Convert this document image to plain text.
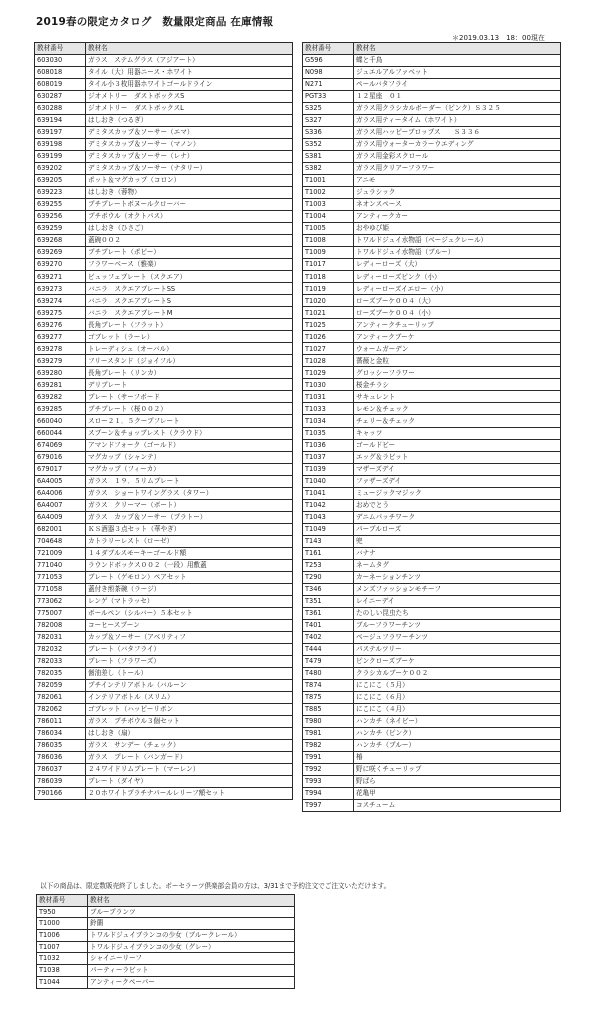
2019春の限定カタログ　数量限定商品 在庫情報
＊2019.03.13　18：00現在
教材番号	教材名
603030	ガラス　ステムグラス（アジアート）
608018	タイル（大）用器ニース・ホワイト
608019	タイル小３枚用器ホワイトゴールドライン
630287	ジオメトリー　ダストボックスS
630288	ジオメトリー　ダストボックスL
639194	はしおき（つるぎ）
639197	デミタスカップ＆ソーサー（エマ）
639198	デミタスカップ＆ソーサー（マノン）
639199	デミタスカップ＆ソーサー（レナ）
639202	デミタスカップ＆ソーサー（ナタリー）
639205	ポット＆マグカップ（コロン）
639223	はしおき（蓉物）
639255	プチプレートボヌールクローバー
639256	プチボウル（オクトパス）
639259	はしおき（ひさご）
639268	蓋碗００２
639269	プチプレート（ポピー）
639270	フラワーベース（雅楽）
639271	ビュッフェプレート（スクエア）
639273	バニラ　スクエアプレートSS
639274	バニラ　スクエアプレートS
639275	バニラ　スクエアプレートM
639276	長角プレート（フラット）
639277	ゴブレット（ラーレ）
639278	トレーディシュ（オーバル）
639279	フリースタンド（ジョイフル）
639280	長角プレート（リンカ）
639281	デリプレート
639282	プレート（サーフボード
639285	プチプレート（桜００２）
660040	スロー２１．５クープフレート
660044	スプーン＆チョップレスト（クラウド）
674069	アマンドフォーク（ゴールド）
679016	マグカップ（シャンテ）
679017	マグカップ（フィーカ）
6A4005	ガラス　１９．５リムプレート
6A4006	ガラス　ショートワイングラス（タワー）
6A4007	ガラス　クリーマー（ボート）
6A4009	ガラス　カップ＆ソーサー（プラトー）
682001	ＫＳ酒器３点セット（華やぎ）
704648	カトラリーレスト（ローゼ）
721009	１４ダブルスモーキーゴールド額
771040	ラウンドボックス００２（一段）用敷蓋
771053	プレート（ゲモロン）ペアセット
771058	蓋付き煎茶碗（ラージ）
773062	レンゲ（マトラッセ）
775007	ボールペン（シルバー）５本セット
782008	コーヒースプーン
782031	カップ＆ソーサー（アベリティフ
782032	プレート（バタフライ）
782033	プレート（フラワーズ）
782035	醤油差し（トール）
782059	プチインテリアボトル（バルーン
782061	インテリアボトル（スリム）
782062	ゴブレット（ハッピーリボン
786011	ガラス　プチボウル３個セット
786034	はしおき（扇）
786035	ガラス　サンデー（チェック）
786036	ガラス　プレート（バンガード）
786037	２４ワイドリムプレート（マーレン）
786039	プレート（ダイヤ）
790166	２０ホワイトプラチナパールレリーフ額セット
教材番号	教材名
G596	蝶と千鳥
N098	ジュエルアルファベット
N271	ペールバタフライ
PGT33	１２星座　０１
S325	ガラス用クラシカルボーダー（ピンク）Ｓ３２５
S327	ガラス用ティータイム（ホワイト）
S336	ガラス用ハッピーブロップス　　Ｓ３３６
S352	ガラス用ウォーターカラーウエディング
S381	ガラス用金彩スクロール
S382	ガラス用クリアーフラワー
T1001	アニモ
T1002	ジュラシック
T1003	ネオンスペース
T1004	アンティークカー
T1005	おやゆび姫
T1008	トワルドジュイ水物語（ベージュクレール）
T1009	トワルドジュイ水物語（ブルー）
T1017	レディーローズ（大）
T1018	レディーローズピンク（小）
T1019	レディーローズイエロー（小）
T1020	ローズブーケ００４（大）
T1021	ローズブーケ００４（小）
T1025	アンティークチューリップ
T1026	アンティークブーケ
T1027	ウォームガーデン
T1028	薔薇と金粒
T1029	グロッシーフラワー
T1030	桜金チラシ
T1031	サキュレント
T1033	レモン＆チェック
T1034	チェリー＆チェック
T1035	キャッツ
T1036	ゴールドビー
T1037	エッグ＆ラビット
T1039	マザーズデイ
T1040	ファザーズデイ
T1041	ミュージックマジック
T1042	おめでとう
T1043	デニムパッチワーク
T1049	パープルローズ
T143	兜
T161	バナナ
T253	ネームタグ
T290	カーネーションチンツ
T346	メンズファッションモチーフ
T351	レイニーデイ
T361	たのしい昆虫たち
T401	ブルーフラワーチンツ
T402	ベージュフラワーチンツ
T444	パステルツリー
T479	ピンクローズブーケ
T480	クラシカルブーケ００２
T874	にこにこ（５月）
T875	にこにこ（６月）
T885	にこにこ（４月）
T980	ハンカチ（ネイビー）
T981	ハンカチ（ピンク）
T982	ハンカチ（ブルー）
T991	椿
T992	野に咲くチューリップ
T993	野ばら
T994	花亀甲
T997	コスチューム
以下の商品は、限定数販売終了しました。ポーセラーツ倶楽部会員の方は、3/31まで予約注文でご注文いただけます。
教材番号	教材名
T950	ブループランツ
T1000	鈴蘭
T1006	トワルドジュイブランコの少女（ブルークレール）
T1007	トワルドジュイブランコの少女（グレー）
T1032	シャイニーリーフ
T1038	パーティーラビット
T1044	アンティークペーパー
